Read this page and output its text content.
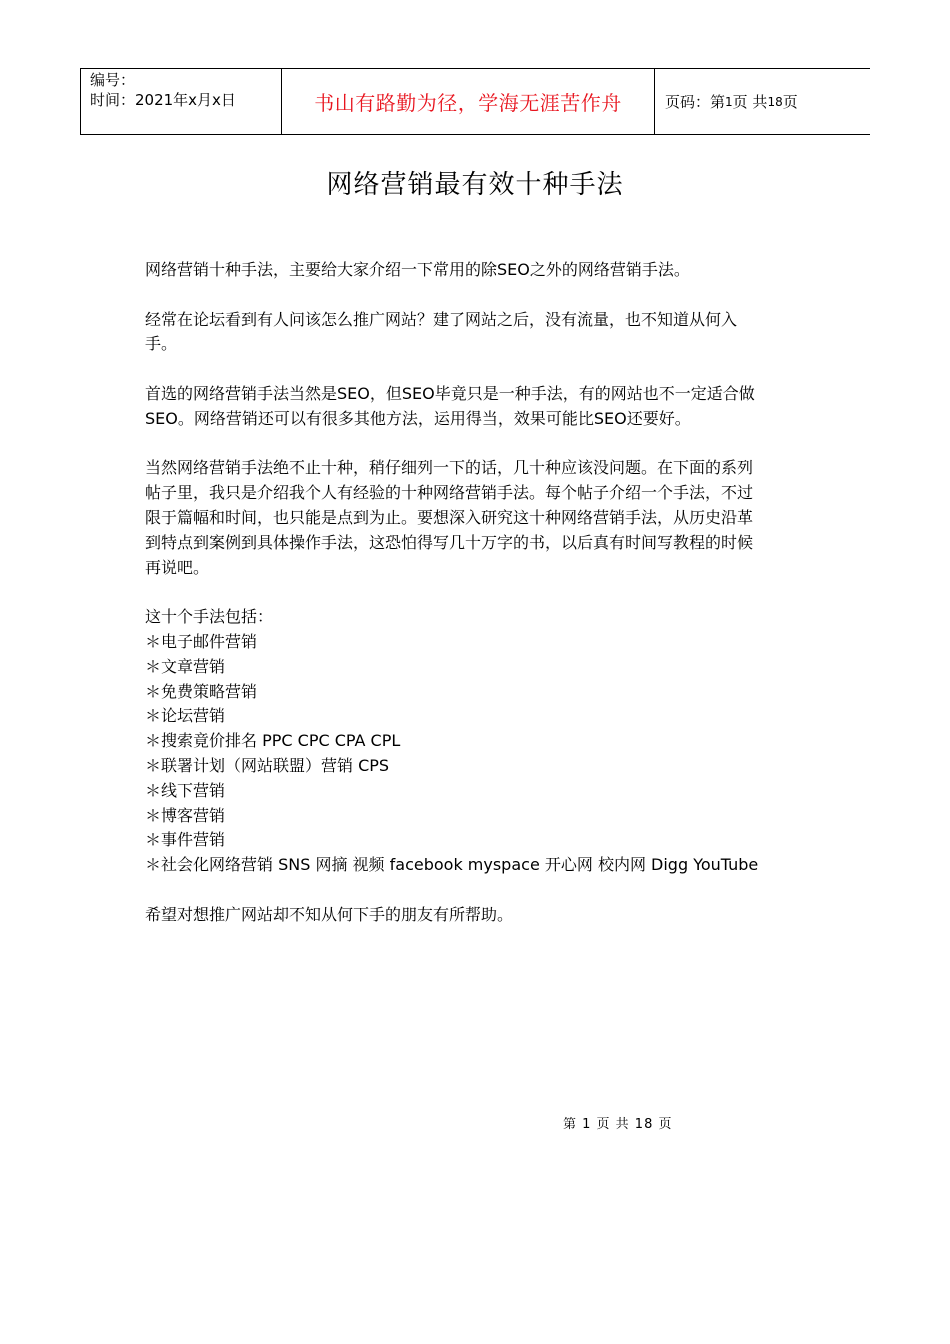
编号：
时间：2021年x月x日	书山有路勤为径，学海无涯苦作舟	页码：第 1 页 共 18 页
网络营销最有效十种手法

网络营销十种手法，主要给大家介绍一下常用的除SEO之外的网络营销手法。

经常在论坛看到有人问该怎么推广网站？建了网站之后，没有流量，也不知道从何入手。

首选的网络营销手法当然是SEO，但SEO毕竟只是一种手法，有的网站也不一定适合做SEO。网络营销还可以有很多其他方法，运用得当，效果可能比SEO还要好。

当然网络营销手法绝不止十种，稍仔细列一下的话，几十种应该没问题。在下面的系列帖子里，我只是介绍我个人有经验的十种网络营销手法。每个帖子介绍一个手法，不过限于篇幅和时间，也只能是点到为止。要想深入研究这十种网络营销手法，从历史沿革到特点到案例到具体操作手法，这恐怕得写几十万字的书，以后真有时间写教程的时候再说吧。

这十个手法包括：
＊电子邮件营销
＊文章营销
＊免费策略营销
＊论坛营销
＊搜索竟价排名 PPC CPC CPA CPL
＊联署计划（网站联盟）营销 CPS
＊线下营销
＊博客营销
＊事件营销
＊社会化网络营销 SNS 网摘 视频 facebook myspace 开心网 校内网 Digg YouTube

希望对想推广网站却不知从何下手的朋友有所帮助。

第 1 页 共 18 页
